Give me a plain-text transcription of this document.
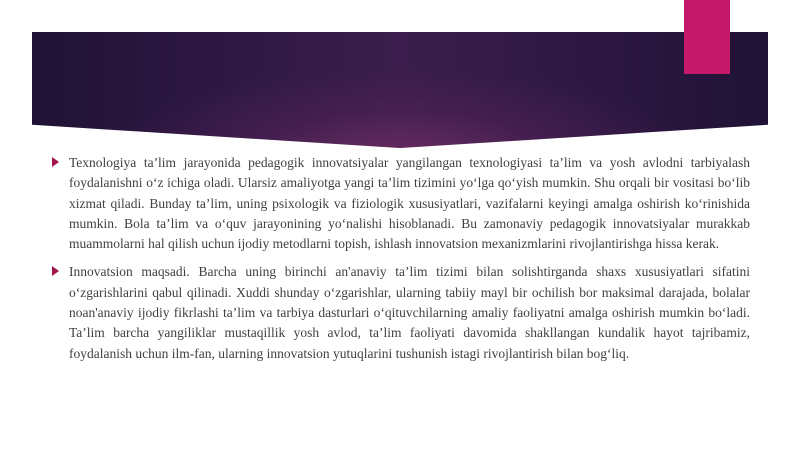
Texnologiya taʼlim jarayonida pedagogik innovatsiyalar yangilangan texnologiyasi taʼlim va yosh avlodni tarbiyalash foydalanishni oʻz ichiga oladi. Ularsiz amaliyotga yangi taʼlim tizimini yoʻlga qoʻyish mumkin. Shu orqali bir vositasi boʻlib xizmat qiladi. Bunday taʼlim, uning psixologik va fiziologik xususiyatlari, vazifalarni keyingi amalga oshirish koʻrinishida mumkin. Bola taʼlim va oʻquv jarayonining yoʻnalishi hisoblanadi. Bu zamonaviy pedagogik innovatsiyalar murakkab muammolarni hal qilish uchun ijodiy metodlarni topish, ishlash innovatsion mexanizmlarini rivojlantirishga hissa kerak.

Innovatsion maqsadi. Barcha uning birinchi an'anaviy taʼlim tizimi bilan solishtirganda shaxs xususiyatlari sifatini oʻzgarishlarini qabul qilinadi. Xuddi shunday oʻzgarishlar, ularning tabiiy mayl bir ochilish bor maksimal darajada, bolalar noan'anaviy ijodiy fikrlashi taʼlim va tarbiya dasturlari oʻqituvchilarning amaliy faoliyatni amalga oshirish mumkin boʻladi. Taʼlim barcha yangiliklar mustaqillik yosh avlod, taʼlim faoliyati davomida shakllangan kundalik hayot tajribamiz, foydalanish uchun ilm-fan, ularning innovatsion yutuqlarini tushunish istagi rivojlantirish bilan bogʻliq.
